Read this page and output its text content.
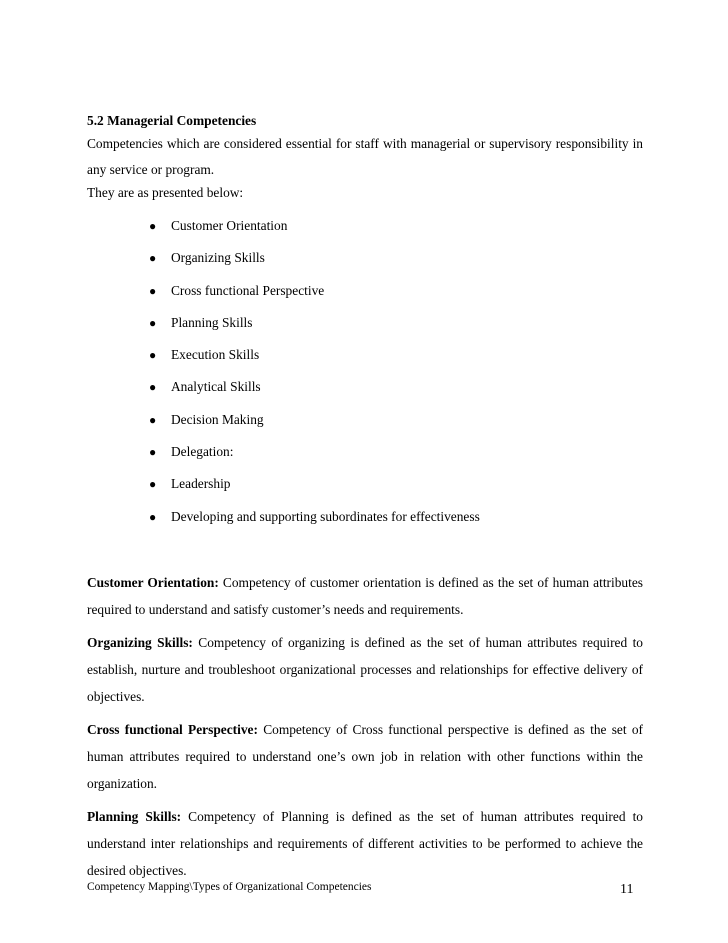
5.2 Managerial Competencies

Competencies which are considered essential for staff with managerial or supervisory responsibility in any service or program.

They are as presented below:

● Customer Orientation
● Organizing Skills
● Cross functional Perspective
● Planning Skills
● Execution Skills
● Analytical Skills
● Decision Making
● Delegation:
● Leadership
● Developing and supporting subordinates for effectiveness

Customer Orientation: Competency of customer orientation is defined as the set of human attributes required to understand and satisfy customer’s needs and requirements.

Organizing Skills: Competency of organizing is defined as the set of human attributes required to establish, nurture and troubleshoot organizational processes and relationships for effective delivery of objectives.

Cross functional Perspective: Competency of Cross functional perspective is defined as the set of human attributes required to understand one’s own job in relation with other functions within the organization.

Planning Skills: Competency of Planning is defined as the set of human attributes required to understand inter relationships and requirements of different activities to be performed to achieve the desired objectives.

Competency Mapping\Types of Organizational Competencies	11
